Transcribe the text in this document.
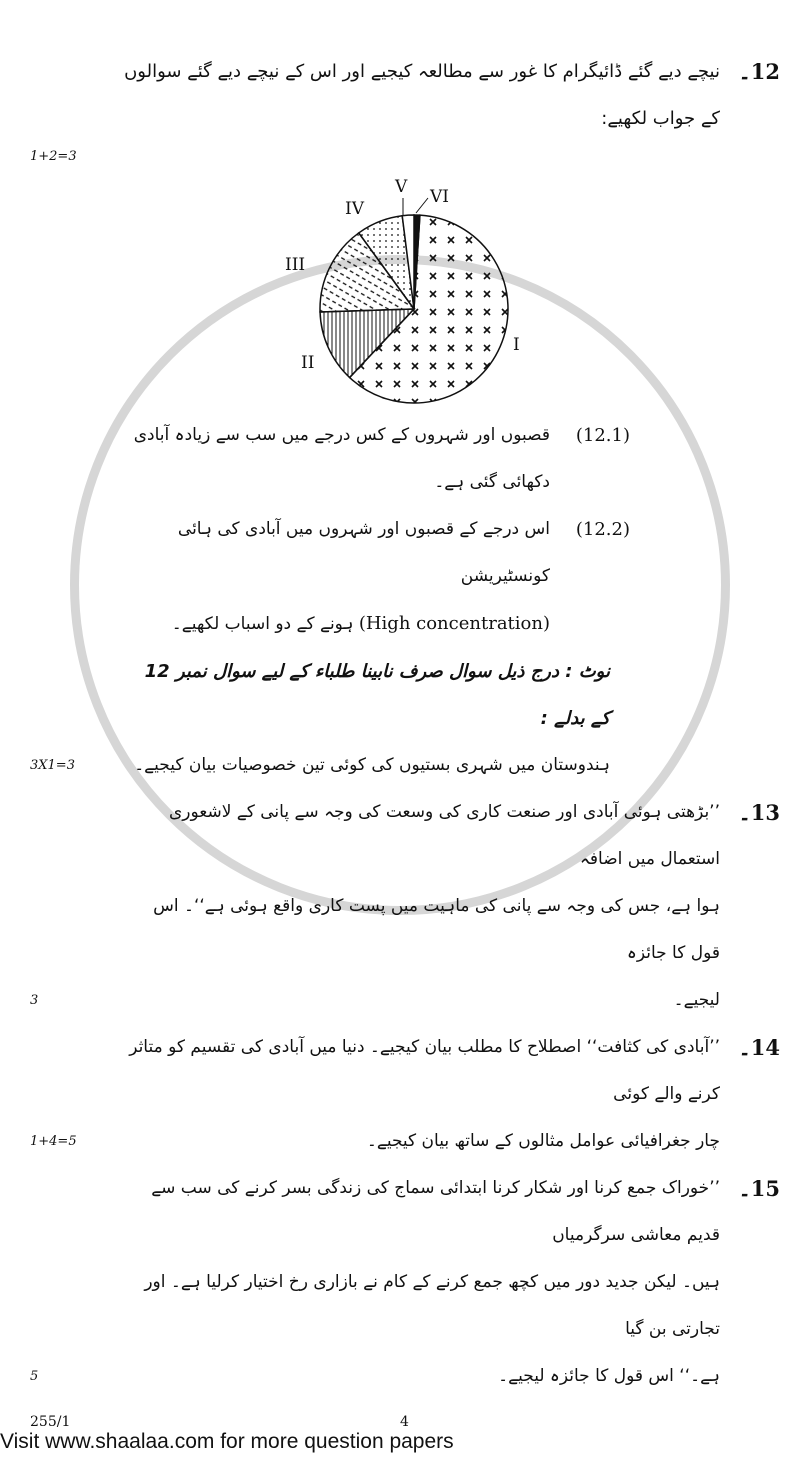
12۔
نیچے دیے گئے ڈائیگرام کا غور سے مطالعہ کیجیے اور اس کے نیچے دیے گئے سوالوں کے جواب لکھیے:
1+2=3
I
II
III
IV
V VI
(12.1)
قصبوں اور شہروں کے کس درجے میں سب سے زیادہ آبادی دکھائی گئی ہے۔
(12.2)
اس درجے کے قصبوں اور شہروں میں آبادی کی ہائی کونسٹیریشن
(High concentration) ہونے کے دو اسباب لکھیے۔
نوٹ : درج ذیل سوال صرف نابینا طلباء کے لیے سوال نمبر 12 کے بدلے :
ہندوستان میں شہری بستیوں کی کوئی تین خصوصیات بیان کیجیے۔
3X1=3
13۔
’’بڑھتی ہوئی آبادی اور صنعت کاری کی وسعت کی وجہ سے پانی کے لاشعوری استعمال میں اضافہ
ہوا ہے، جس کی وجہ سے پانی کی ماہیت میں پست کاری واقع ہوئی ہے‘‘۔ اس قول کا جائزہ
لیجیے۔
3
14۔
’’آبادی کی کثافت‘‘ اصطلاح کا مطلب بیان کیجیے۔ دنیا میں آبادی کی تقسیم کو متاثر کرنے والے کوئی
چار جغرافیائی عوامل مثالوں کے ساتھ بیان کیجیے۔
1+4=5
15۔
’’خوراک جمع کرنا اور شکار کرنا ابتدائی سماج کی زندگی بسر کرنے کی سب سے قدیم معاشی سرگرمیاں
ہیں۔ لیکن جدید دور میں کچھ جمع کرنے کے کام نے بازاری رخ اختیار کرلیا ہے۔ اور تجارتی بن گیا
ہے۔‘‘ اس قول کا جائزہ لیجیے۔
5
255/1	4
Visit www.shaalaa.com for more question papers
